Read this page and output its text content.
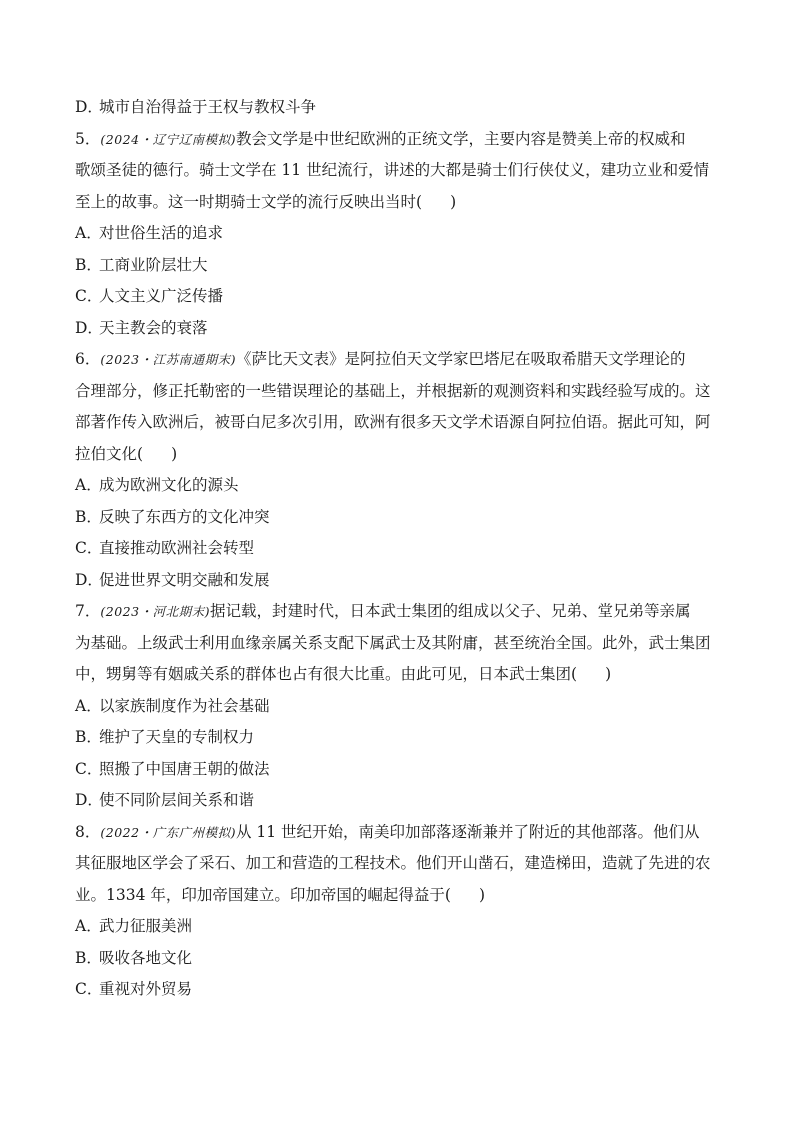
D．城市自治得益于王权与教权斗争
5．(2024・辽宁辽南模拟)教会文学是中世纪欧洲的正统文学，主要内容是赞美上帝的权威和
歌颂圣徒的德行。骑士文学在 11 世纪流行，讲述的大都是骑士们行侠仗义，建功立业和爱情
至上的故事。这一时期骑士文学的流行反映出当时( )
A．对世俗生活的追求
B．工商业阶层壮大
C．人文主义广泛传播
D．天主教会的衰落
6．(2023・江苏南通期末)《萨比天文表》是阿拉伯天文学家巴塔尼在吸取希腊天文学理论的
合理部分，修正托勒密的一些错误理论的基础上，并根据新的观测资料和实践经验写成的。这
部著作传入欧洲后，被哥白尼多次引用，欧洲有很多天文学术语源自阿拉伯语。据此可知，阿
拉伯文化( )
A．成为欧洲文化的源头
B．反映了东西方的文化冲突
C．直接推动欧洲社会转型
D．促进世界文明交融和发展
7．(2023・河北期末)据记载，封建时代，日本武士集团的组成以父子、兄弟、堂兄弟等亲属
为基础。上级武士利用血缘亲属关系支配下属武士及其附庸，甚至统治全国。此外，武士集团
中，甥舅等有姻戚关系的群体也占有很大比重。由此可见，日本武士集团( )
A．以家族制度作为社会基础
B．维护了天皇的专制权力
C．照搬了中国唐王朝的做法
D．使不同阶层间关系和谐
8．(2022・广东广州模拟)从 11 世纪开始，南美印加部落逐渐兼并了附近的其他部落。他们从
其征服地区学会了采石、加工和营造的工程技术。他们开山凿石，建造梯田，造就了先进的农
业。1334 年，印加帝国建立。印加帝国的崛起得益于( )
A．武力征服美洲
B．吸收各地文化
C．重视对外贸易
